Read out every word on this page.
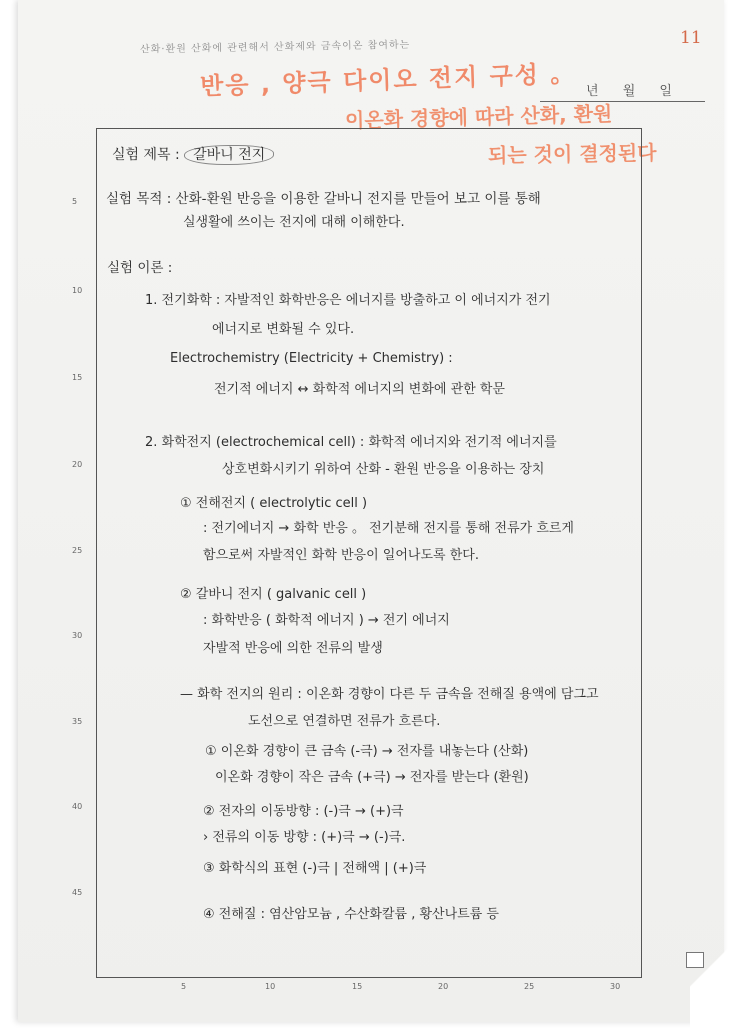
11
산화·환원 산화에 관련해서 산화제와 금속이온 참여하는
반응 , 양극 다이오 전지 구성 。
이온화 경향에 따라 산화, 환원
되는 것이 결정된다
년 월 일
5
10
15
20
25
30
35
40
45
5	10	15	20	25	30
실험 제목 : 갈바니 전지
실험 목적 : 산화-환원 반응을 이용한 갈바니 전지를 만들어 보고 이를 통해
실생활에 쓰이는 전지에 대해 이해한다.
실험 이론 :
1. 전기화학 : 자발적인 화학반응은 에너지를 방출하고 이 에너지가 전기
에너지로 변화될 수 있다.
Electrochemistry (Electricity + Chemistry) :
전기적 에너지 ↔ 화학적 에너지의 변화에 관한 학문
2. 화학전지 (electrochemical cell) : 화학적 에너지와 전기적 에너지를
상호변화시키기 위하여 산화 - 환원 반응을 이용하는 장치
① 전해전지 ( electrolytic cell )
: 전기에너지 → 화학 반응 。 전기분해 전지를 통해 전류가 흐르게
함으로써 자발적인 화학 반응이 일어나도록 한다.
② 갈바니 전지 ( galvanic cell )
: 화학반응 ( 화학적 에너지 ) → 전기 에너지
자발적 반응에 의한 전류의 발생
— 화학 전지의 원리 : 이온화 경향이 다른 두 금속을 전해질 용액에 담그고
도선으로 연결하면 전류가 흐른다.
① 이온화 경향이 큰 금속 (-극) → 전자를 내놓는다 (산화)
이온화 경향이 작은 금속 (+극) → 전자를 받는다 (환원)
② 전자의 이동방향 : (-)극 → (+)극
› 전류의 이동 방향 : (+)극 → (-)극.
③ 화학식의 표현 (-)극 | 전해액 | (+)극
④ 전해질 : 염산암모늄 , 수산화칼륨 , 황산나트륨 등
